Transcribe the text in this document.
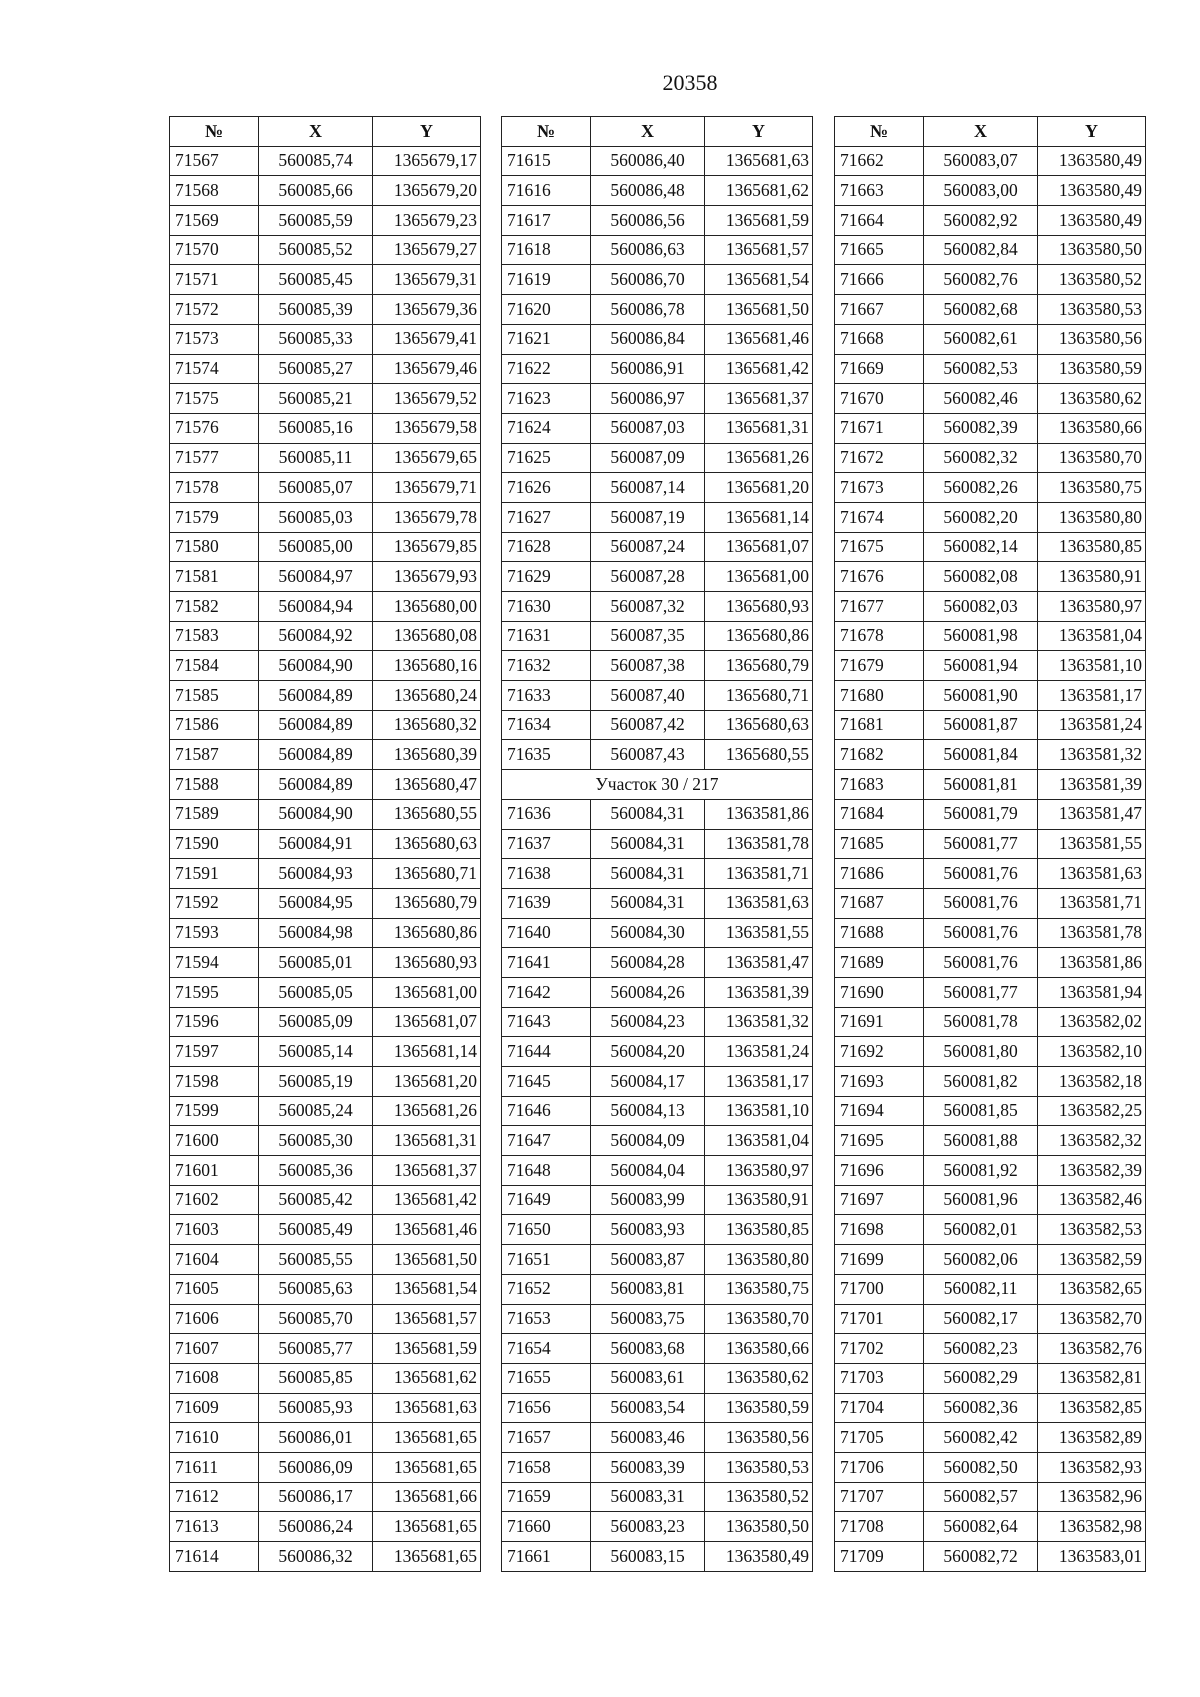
20358
№	X	Y
71567	560085,74	1365679,17
71568	560085,66	1365679,20
71569	560085,59	1365679,23
71570	560085,52	1365679,27
71571	560085,45	1365679,31
71572	560085,39	1365679,36
71573	560085,33	1365679,41
71574	560085,27	1365679,46
71575	560085,21	1365679,52
71576	560085,16	1365679,58
71577	560085,11	1365679,65
71578	560085,07	1365679,71
71579	560085,03	1365679,78
71580	560085,00	1365679,85
71581	560084,97	1365679,93
71582	560084,94	1365680,00
71583	560084,92	1365680,08
71584	560084,90	1365680,16
71585	560084,89	1365680,24
71586	560084,89	1365680,32
71587	560084,89	1365680,39
71588	560084,89	1365680,47
71589	560084,90	1365680,55
71590	560084,91	1365680,63
71591	560084,93	1365680,71
71592	560084,95	1365680,79
71593	560084,98	1365680,86
71594	560085,01	1365680,93
71595	560085,05	1365681,00
71596	560085,09	1365681,07
71597	560085,14	1365681,14
71598	560085,19	1365681,20
71599	560085,24	1365681,26
71600	560085,30	1365681,31
71601	560085,36	1365681,37
71602	560085,42	1365681,42
71603	560085,49	1365681,46
71604	560085,55	1365681,50
71605	560085,63	1365681,54
71606	560085,70	1365681,57
71607	560085,77	1365681,59
71608	560085,85	1365681,62
71609	560085,93	1365681,63
71610	560086,01	1365681,65
71611	560086,09	1365681,65
71612	560086,17	1365681,66
71613	560086,24	1365681,65
71614	560086,32	1365681,65
№	X	Y
71615	560086,40	1365681,63
71616	560086,48	1365681,62
71617	560086,56	1365681,59
71618	560086,63	1365681,57
71619	560086,70	1365681,54
71620	560086,78	1365681,50
71621	560086,84	1365681,46
71622	560086,91	1365681,42
71623	560086,97	1365681,37
71624	560087,03	1365681,31
71625	560087,09	1365681,26
71626	560087,14	1365681,20
71627	560087,19	1365681,14
71628	560087,24	1365681,07
71629	560087,28	1365681,00
71630	560087,32	1365680,93
71631	560087,35	1365680,86
71632	560087,38	1365680,79
71633	560087,40	1365680,71
71634	560087,42	1365680,63
71635	560087,43	1365680,55
Участок 30 / 217		
71636	560084,31	1363581,86
71637	560084,31	1363581,78
71638	560084,31	1363581,71
71639	560084,31	1363581,63
71640	560084,30	1363581,55
71641	560084,28	1363581,47
71642	560084,26	1363581,39
71643	560084,23	1363581,32
71644	560084,20	1363581,24
71645	560084,17	1363581,17
71646	560084,13	1363581,10
71647	560084,09	1363581,04
71648	560084,04	1363580,97
71649	560083,99	1363580,91
71650	560083,93	1363580,85
71651	560083,87	1363580,80
71652	560083,81	1363580,75
71653	560083,75	1363580,70
71654	560083,68	1363580,66
71655	560083,61	1363580,62
71656	560083,54	1363580,59
71657	560083,46	1363580,56
71658	560083,39	1363580,53
71659	560083,31	1363580,52
71660	560083,23	1363580,50
71661	560083,15	1363580,49
№	X	Y
71662	560083,07	1363580,49
71663	560083,00	1363580,49
71664	560082,92	1363580,49
71665	560082,84	1363580,50
71666	560082,76	1363580,52
71667	560082,68	1363580,53
71668	560082,61	1363580,56
71669	560082,53	1363580,59
71670	560082,46	1363580,62
71671	560082,39	1363580,66
71672	560082,32	1363580,70
71673	560082,26	1363580,75
71674	560082,20	1363580,80
71675	560082,14	1363580,85
71676	560082,08	1363580,91
71677	560082,03	1363580,97
71678	560081,98	1363581,04
71679	560081,94	1363581,10
71680	560081,90	1363581,17
71681	560081,87	1363581,24
71682	560081,84	1363581,32
71683	560081,81	1363581,39
71684	560081,79	1363581,47
71685	560081,77	1363581,55
71686	560081,76	1363581,63
71687	560081,76	1363581,71
71688	560081,76	1363581,78
71689	560081,76	1363581,86
71690	560081,77	1363581,94
71691	560081,78	1363582,02
71692	560081,80	1363582,10
71693	560081,82	1363582,18
71694	560081,85	1363582,25
71695	560081,88	1363582,32
71696	560081,92	1363582,39
71697	560081,96	1363582,46
71698	560082,01	1363582,53
71699	560082,06	1363582,59
71700	560082,11	1363582,65
71701	560082,17	1363582,70
71702	560082,23	1363582,76
71703	560082,29	1363582,81
71704	560082,36	1363582,85
71705	560082,42	1363582,89
71706	560082,50	1363582,93
71707	560082,57	1363582,96
71708	560082,64	1363582,98
71709	560082,72	1363583,01
